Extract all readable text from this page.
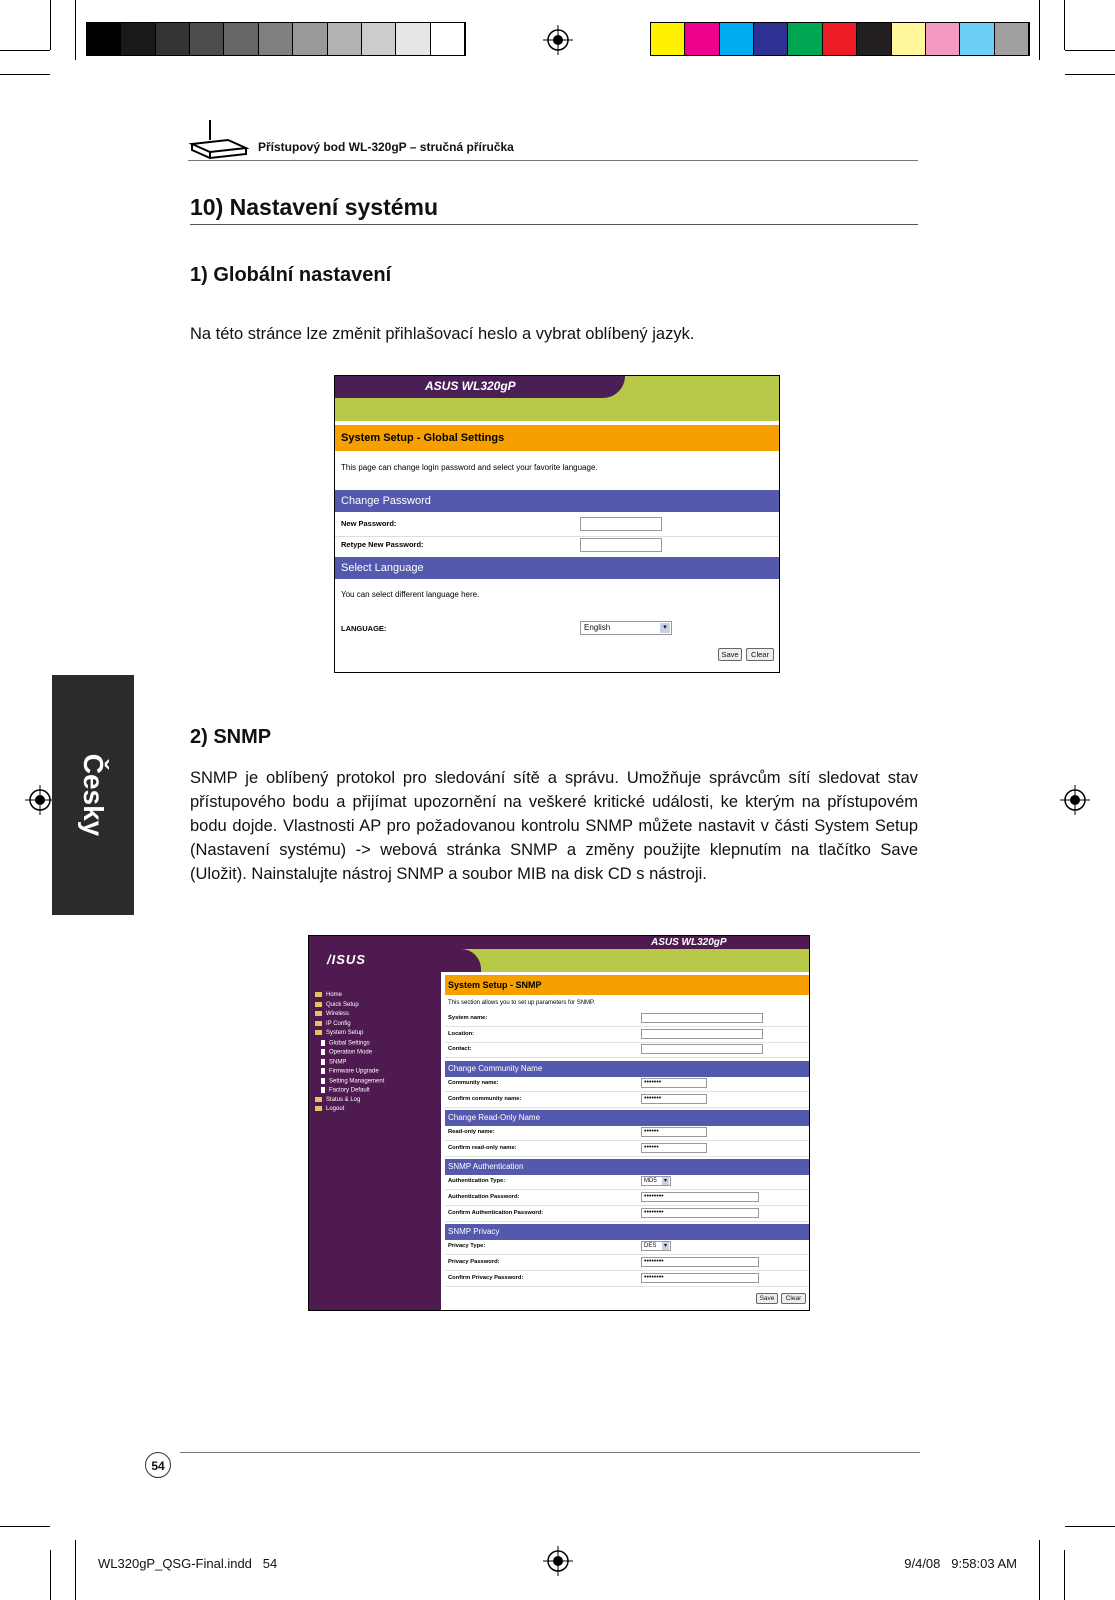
Přístupový bod WL-320gP – stručná příručka
10) Nastavení systému
1) Globální nastavení
Na této stránce lze změnit přihlašovací heslo a vybrat oblíbený jazyk.
ASUS WL320gP
System Setup - Global Settings
This page can change login password and select your favorite language.
Change Password
New Password:
Retype New Password:
Select Language
You can select different language here.
LANGUAGE:	English	▾
Save	Clear
Česky
2) SNMP
SNMP je oblíbený protokol pro sledování sítě a správu. Umožňuje správcům sítí sledovat stav přístupového bodu a přijímat upozornění na veškeré kritické události, ke kterým na přístupovém bodu dojde. Vlastnosti AP pro požadovanou kontrolu SNMP můžete nastavit v části System Setup (Nastavení systému) -> webová stránka SNMP a změny použijte klepnutím na tlačítko Save (Uložit). Nainstalujte nástroj SNMP a soubor MIB na disk CD s nástroji.
/ISUS
Home
Quick Setup
Wireless
IP Config
System Setup
Global Settings
Operation Mode
SNMP
Firmware Upgrade
Setting Management
Factory Default
Status & Log
Logout
ASUS WL320gP
System Setup - SNMP
This section allows you to set up parameters for SNMP.
System name:
Location:
Contact:
Change Community Name
Community name:	•••••••
Confirm community name:	•••••••
Change Read-Only Name
Read-only name:	••••••
Confirm read-only name:	••••••
SNMP Authentication
Authentication Type:	MD5	▾
Authentication Password:	••••••••
Confirm Authentication Password:	••••••••
SNMP Privacy
Privacy Type:	DES	▾
Privacy Password:	••••••••
Confirm Privacy Password:	••••••••
Save	Clear
54
WL320gP_QSG-Final.indd   54	9/4/08   9:58:03 AM
